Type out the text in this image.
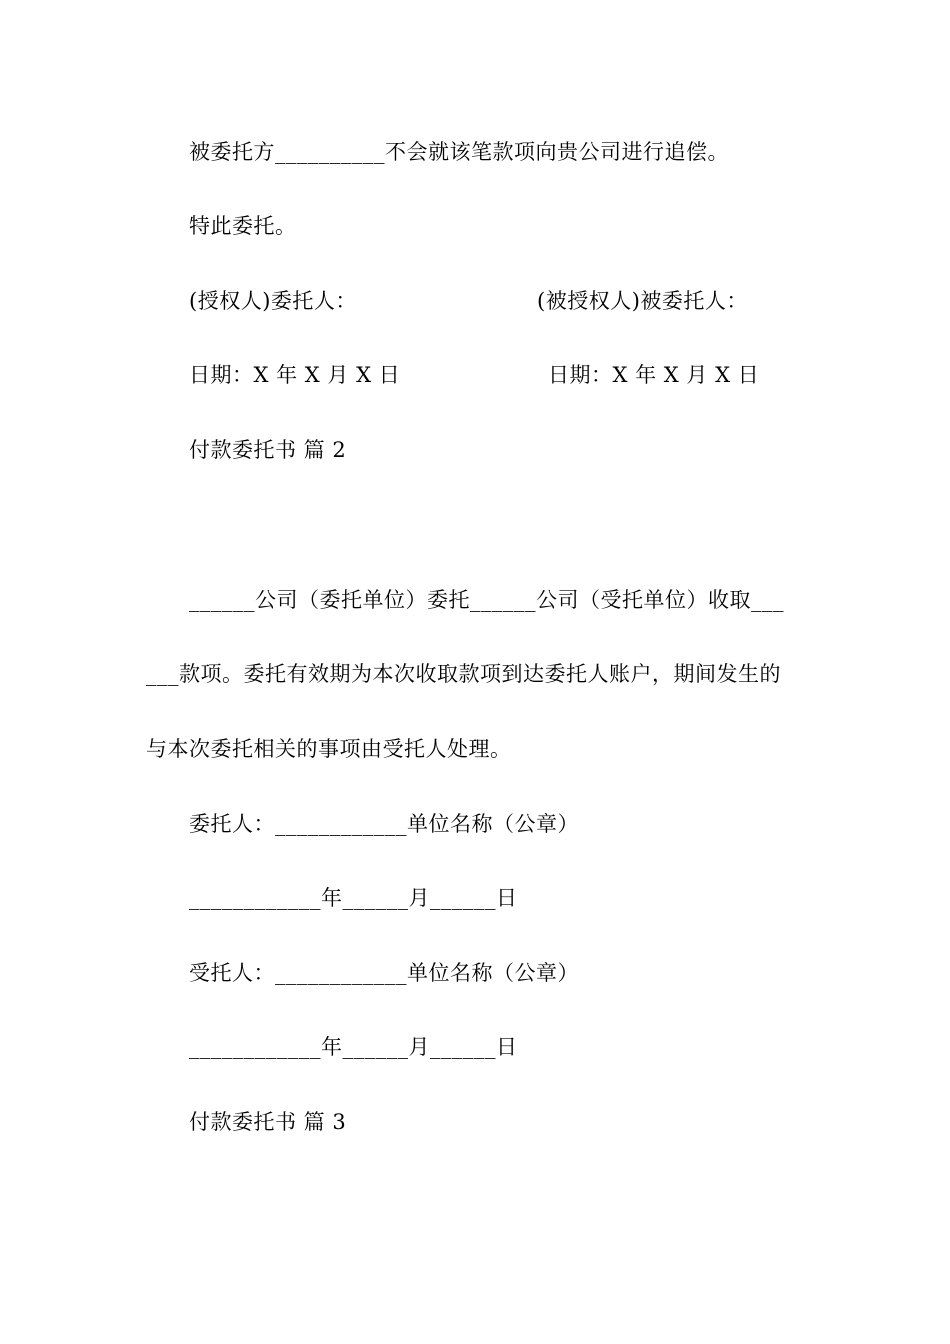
被委托方__________不会就该笔款项向贵公司进行追偿。
特此委托。
(授权人)委托人：	(被授权人)被委托人：
日期：X 年 X 月 X 日	日期：X 年 X 月 X 日
付款委托书 篇 2
______公司（委托单位）委托______公司（受托单位）收取___
___款项。委托有效期为本次收取款项到达委托人账户，期间发生的
与本次委托相关的事项由受托人处理。
委托人：____________单位名称（公章）
____________年______月______日
受托人：____________单位名称（公章）
____________年______月______日
付款委托书 篇 3
